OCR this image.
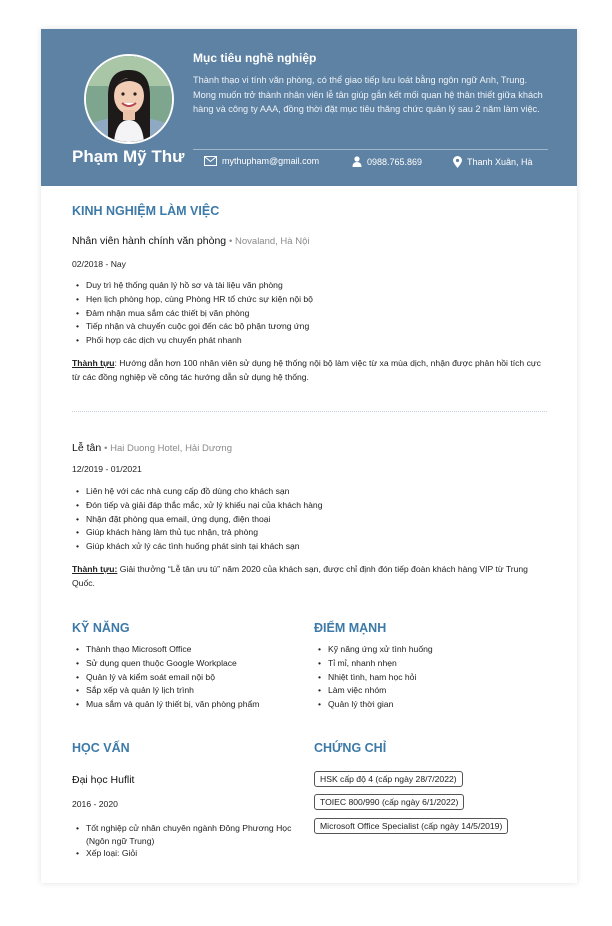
Phạm Mỹ Thư
Mục tiêu nghề nghiệp
Thành thạo vi tính văn phòng, có thể giao tiếp lưu loát bằng ngôn ngữ Anh, Trung. Mong muốn trở thành nhân viên lễ tân giúp gắn kết mối quan hệ thân thiết giữa khách hàng và công ty AAA, đồng thời đặt mục tiêu thăng chức quản lý sau 2 năm làm việc.
mythupham@gmail.com	0988.765.869	Thanh Xuân, Hà
KINH NGHIỆM LÀM VIỆC
Nhân viên hành chính văn phòng • Novaland, Hà Nội
02/2018 - Nay
• Duy trì hệ thống quản lý hồ sơ và tài liệu văn phòng
• Hẹn lịch phòng họp, cùng Phòng HR tổ chức sự kiện nội bộ
• Đảm nhận mua sắm các thiết bị văn phòng
• Tiếp nhận và chuyển cuộc gọi đến các bộ phận tương ứng
• Phối hợp các dịch vụ chuyển phát nhanh
Thành tựu: Hướng dẫn hơn 100 nhân viên sử dụng hệ thống nội bộ làm việc từ xa mùa dịch, nhận được phản hồi tích cực từ các đồng nghiệp về công tác hướng dẫn sử dụng hệ thống.
Lễ tân • Hai Duong Hotel, Hải Dương
12/2019 - 01/2021
• Liên hệ với các nhà cung cấp đồ dùng cho khách sạn
• Đón tiếp và giải đáp thắc mắc, xử lý khiếu nại của khách hàng
• Nhận đặt phòng qua email, ứng dụng, điện thoại
• Giúp khách hàng làm thủ tục nhận, trả phòng
• Giúp khách xử lý các tình huống phát sinh tại khách sạn
Thành tựu: Giải thưởng “Lễ tân ưu tú” năm 2020 của khách sạn, được chỉ định đón tiếp đoàn khách hàng VIP từ Trung Quốc.
KỸ NĂNG
• Thành thạo Microsoft Office
• Sử dụng quen thuộc Google Workplace
• Quản lý và kiểm soát email nội bộ
• Sắp xếp và quản lý lịch trình
• Mua sắm và quản lý thiết bị, văn phòng phẩm
ĐIỂM MẠNH
• Kỹ năng ứng xử tình huống
• Tỉ mỉ, nhanh nhẹn
• Nhiệt tình, ham học hỏi
• Làm việc nhóm
• Quản lý thời gian
HỌC VẤN
Đại học Huflit
2016 - 2020
• Tốt nghiệp cử nhân chuyên ngành Đông Phương Học (Ngôn ngữ Trung)
• Xếp loại: Giỏi
CHỨNG CHỈ
HSK cấp độ 4 (cấp ngày 28/7/2022)
TOIEC 800/990 (cấp ngày 6/1/2022)
Microsoft Office Specialist (cấp ngày 14/5/2019)
